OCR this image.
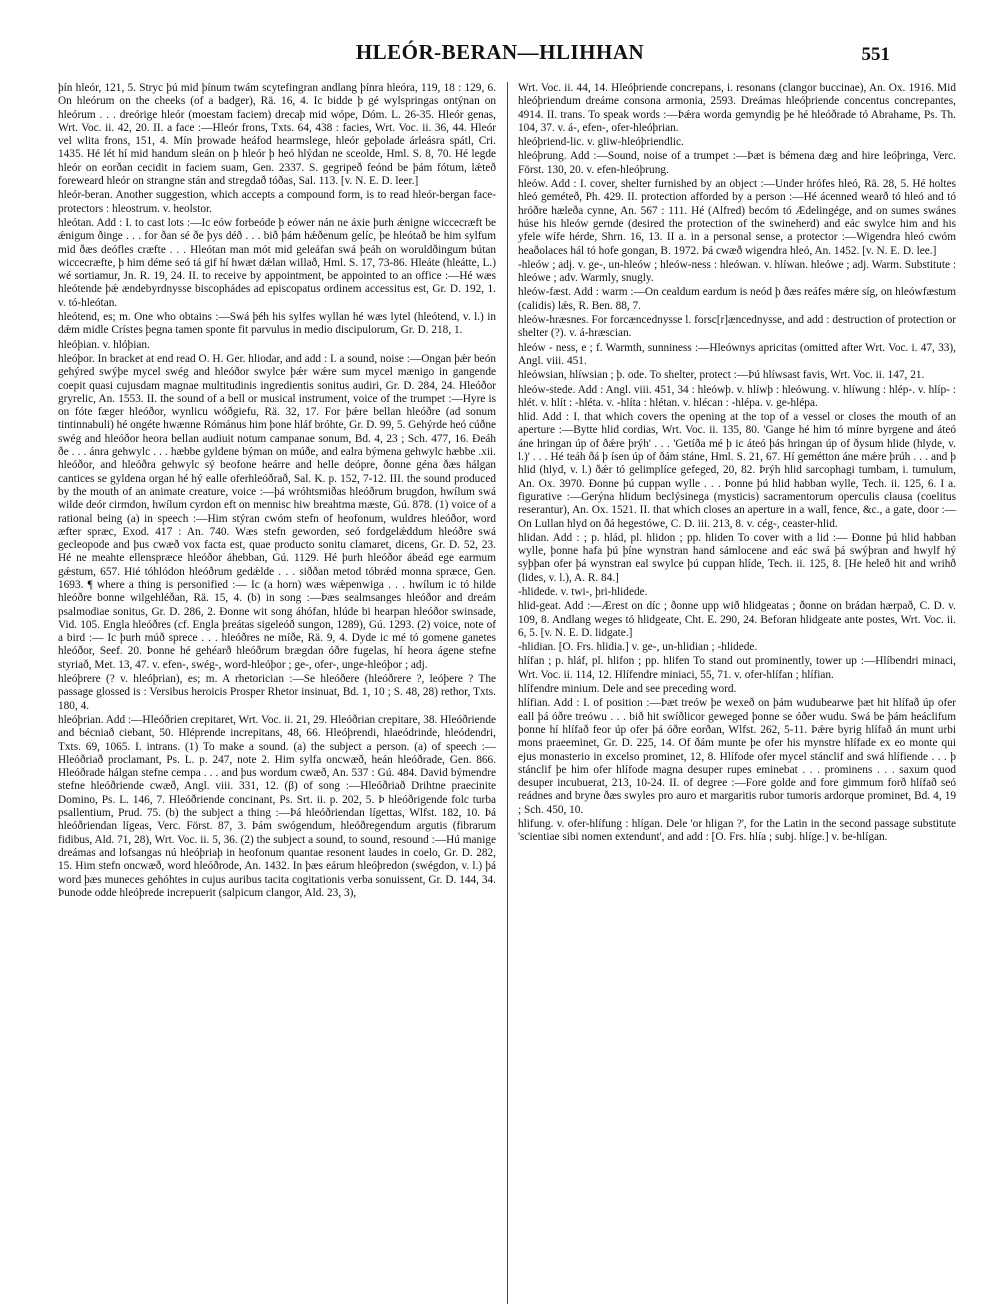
HLEÓR-BERAN—HLIHHAN	551

þín hleór, 121, 5. Stryc þú mid þínum twám scytefingran andlang þínra hleóra, 119, 18 : 129, 6. On hleórum on the cheeks (of a badger), Rä. 16, 4. Ic bidde þ gé wylspringas ontýnan on hleórum . . . dreórige hleór (moestam faciem) drecaþ mid wópe, Dóm. L. 26-35. Hleór genas, Wrt. Voc. ii. 42, 20. II. a face :—Hleór frons, Txts. 64, 438 : facies, Wrt. Voc. ii. 36, 44. Hleór vel wlita frons, 151, 4. Mín þrowade heáfod hearmslege, hleór geþolade árleásra spátl, Cri. 1435. Hé lét hí mid handum sleán on þ hleór þ heó hlýdan ne sceolde, Hml. S. 8, 70. Hé legde hleór on eorðan cecidit in faciem suam, Gen. 2337. S. gegripeð feónd be þám fótum, lǽteð foreweard hleór on strangne stán and stregdað tóðas, Sal. 113. [v. N. E. D. leer.]

hleór-beran. Another suggestion, which accepts a compound form, is to read hleór-bergan face-protectors : hleostrum. v. heolstor.

hleótan. Add : I. to cast lots :—Ic eów forbeóde þ eówer nán ne áxie þurh ǽnigne wiccecræft be ǽnigum ðinge . . . for ðan sé ðe þys déð . . . bið þám hǽðenum gelíc, þe hleótað be him sylfum mid ðæs deófles cræfte . . . Hleótan man mót mid geleáfan swá þeáh on woruldðingum bútan wiccecræfte, þ him déme seó tá gif hí hwæt dǽlan willað, Hml. S. 17, 73-86. Hleáte (hleátte, L.) wé sortiamur, Jn. R. 19, 24. II. to receive by appointment, be appointed to an office :—Hé wæs hleótende þǽ ændebyrdnysse biscophádes ad episcopatus ordinem accessitus est, Gr. D. 192, 1. v. tó-hleótan.

hleótend, es; m. One who obtains :—Swá þéh his sylfes wyllan hé wæs lytel (hleótend, v. l.) in dǽm midle Crístes þegna tamen sponte fit parvulus in medio discipulorum, Gr. D. 218, 1.

hleóþian. v. hlóþian.

hleóþor. In bracket at end read O. H. Ger. hliodar, and add : I. a sound, noise :—Ongan þǽr beón gehýred swýþe mycel swég and hleóðor swylce þǽr wǽre sum mycel mænigo in gangende coepit quasi cujusdam magnae multitudinis ingredientis sonitus audiri, Gr. D. 284, 24. Hleóðor gryrelic, An. 1553. II. the sound of a bell or musical instrument, voice of the trumpet :—Hyre is on fóte fæger hleóðor, wynlicu wóðgiefu, Rä. 32, 17. For þǽre bellan hleóðre (ad sonum tintinnabuli) hé ongéte hwænne Rómánus him þone hláf bróhte, Gr. D. 99, 5. Gehýrde heó cúðne swég and hleóðor heora bellan audiuit notum campanae sonum, Bd. 4, 23 ; Sch. 477, 16. Ðeáh ðe . . . ánra gehwylc . . . hæbbe gyldene býman on múðe, and ealra býmena gehwylc hæbbe .xii. hleóðor, and hleóðra gehwylc sý beofone heárre and helle deópre, ðonne géna ðæs hálgan cantices se gyldena organ hé hý ealle oferhleóðrað, Sal. K. p. 152, 7-12. III. the sound produced by the mouth of an animate creature, voice :—þá wróhtsmiðas hleóðrum brugdon, hwílum swá wilde deór cirmdon, hwílum cyrdon eft on mennisc hiw breahtma mæste, Gú. 878. (1) voice of a rational being (a) in speech :—Him stýran cwóm stefn of heofonum, wuldres hleóðor, word æfter spræc, Exod. 417 : An. 740. Wæs stefn geworden, seó fordgelǽddum hleóðre swá gecleopode and þus cwæð vox facta est, quae producto sonitu clamaret, dicens, Gr. D. 52, 23. Hé ne meahte ellenspræce hleóðor áhebban, Gú. 1129. Hé þurh hleóðor ábeád ege earmum gǽstum, 657. Hié tóhlódon hleóðrum gedǽlde . . . siððan metod tóbrǽd monna spræce, Gen. 1693. ¶ where a thing is personified :— Ic (a horn) wæs wǽpenwiga . . . hwílum ic tó hilde hleóðre bonne wilgehléðan, Rä. 15, 4. (b) in song :—Þæs sealmsanges hleóðor and dreám psalmodiae sonitus, Gr. D. 286, 2. Ðonne wit song áhófan, hlúde bi hearpan hleóðor swinsade, Vid. 105. Engla hleóðres (cf. Engla þreátas sigeleóð sungon, 1289), Gú. 1293. (2) voice, note of a bird :— Ic þurh múð sprece . . . hleóðres ne míðe, Rä. 9, 4. Dyde ic mé tó gomene ganetes hleóðor, Seef. 20. Þonne hé gehéarð hleóðrum brægdan óðre fugelas, hí heora ágene stefne styriað, Met. 13, 47. v. efen-, swég-, word-hleóþor ; ge-, ofer-, unge-hleóþor ; adj.

hleóþrere (? v. hleóþrian), es; m. A rhetorician :—Se hleóðere (hleóðrere ?, leóþere ? The passage glossed is : Versibus heroicis Prosper Rhetor insinuat, Bd. 1, 10 ; S. 48, 28) rethor, Txts. 180, 4.

hleóþrian. Add :—Hleóðrien crepitaret, Wrt. Voc. ii. 21, 29. Hleóðrian crepitare, 38. Hleóðriende and bécniað ciebant, 50. Hléprende increpitans, 48, 66. Hleóþrendi, hlaeódrinde, hleódendri, Txts. 69, 1065. I. intrans. (1) To make a sound. (a) the subject a person. (a) of speech :—Hleóðriað proclamant, Ps. L. p. 247, note 2. Him sylfa oncwæð, heán hleóðrade, Gen. 866. Hleóðrade hálgan stefne cempa . . . and þus wordum cwæð, An. 537 : Gú. 484. David býmendre stefne hleóðriende cwæð, Angl. viii. 331, 12. (β) of song :—Hleóðriað Drihtne praecinite Domino, Ps. L. 146, 7. Hleóðriende concinant, Ps. Srt. ii. p. 202, 5. Þ hleóðrigende folc turba psallentium, Prud. 75. (b) the subject a thing :—Þá hleóðriendan lígettas, Wlfst. 182, 10. Þá hleóðriendan lígeas, Verc. Först. 87, 3. Þám swógendum, hleóðregendum argutis (fibrarum fidibus, Ald. 71, 28), Wrt. Voc. ii. 5, 36. (2) the subject a sound, to sound, resound :—Hú manige dreámas and lofsangas nú hleóþriaþ in heofonum quantae resonent laudes in coelo, Gr. D. 282, 15. Him stefn oncwæð, word hleóðrode, An. 1432. In þæs eárum hleóþredon (swégdon, v. l.) þá word þæs muneces gehóhtes in cujus auribus tacita cogitationis verba sonuissent, Gr. D. 144, 34. Þunode odde hleóþrede increpuerit (salpicum clangor, Ald. 23, 3),

Wrt. Voc. ii. 44, 14. Hleóþriende concrepans, i. resonans (clangor buccinae), An. Ox. 1916. Mid hleóþriendum dreáme consona armonia, 2593. Dreámas hleóþriende concentus concrepantes, 4914. II. trans. To speak words :—Þǽra worda gemyndig þe hé hleóðrade tó Abrahame, Ps. Th. 104, 37. v. á-, efen-, ofer-hleóþrian.

hleóþriend-lic. v. gliw-hleóþriendlic.

hleóþrung. Add :—Sound, noise of a trumpet :—Þæt is bémena dæg and hire leóþringa, Verc. Först. 130, 20. v. efen-hleóþrung.

hleów. Add : I. cover, shelter furnished by an object :—Under hrófes hleó, Rä. 28, 5. Hé holtes hleó gemétеð, Ph. 429. II. protection afforded by a person :—Hé ácenned wearð tó hleó and tó hróðre hæleða cynne, An. 567 : 111. Hé (Alfred) becóm tó Ædelingége, and on sumes swánes húse his hleów gernde (desired the protection of the swineherd) and eác swylce him and his yfele wífe hérde, Shrn. 16, 13. II a. in a personal sense, a protector :—Wigendra hleó cwóm heaðolaces hál tó hofe gongan, B. 1972. Þá cwæð wigendra hleó, An. 1452. [v. N. E. D. lee.]

-hleów ; adj. v. ge-, un-hleów ; hleów-ness : hleówan. v. hlíwan. hleówe ; adj. Warm. Substitute : hleówe ; adv. Warmly, snugly.

hleów-fæst. Add : warm :—On cealdum eardum is neód þ ðæs reáfes mǽre síg, on hleówfæstum (calidis) lǽs, R. Ben. 88, 7.

hleów-hræsnes. For forcæncednysse l. forsc[r]æncednysse, and add : destruction of protection or shelter (?). v. á-hræscian.

hleów - ness, e ; f. Warmth, sunniness :—Hleównys apricitas (omitted after Wrt. Voc. i. 47, 33), Angl. viii. 451.

hleówsian, hlíwsian ; þ. ode. To shelter, protect :—Þú hlíwsast favis, Wrt. Voc. ii. 147, 21.

hleów-stede. Add : Angl. viii. 451, 34 : hleówþ. v. hlíwþ : hleówung. v. hlíwung : hlép-. v. hlíp- : hlét. v. hlít : -hléta. v. -hlíta : hlétan. v. hlécan : -hlépa. v. ge-hlépa.

hlid. Add : I. that which covers the opening at the top of a vessel or closes the mouth of an aperture :—Bytte hlid cordias, Wrt. Voc. ii. 135, 80. 'Gange hé him tó mínre byrgene and áteó áne hringan úp of ðǽre þrýh' . . . 'Getíða mé þ ic áteó þás hringan úp of ðysum hlide (hlyde, v. l.)' . . . Hé teáh ðá þ ísen úp of ðám stáne, Hml. S. 21, 67. Hí gemétton áne mǽre þrúh . . . and þ hlid (hlyd, v. l.) ðǽr tó gelimplíce gefeged, 20, 82. Þrýh hlid sarcophagi tumbam, i. tumulum, An. Ox. 3970. Ðonne þú cuppan wylle . . . Þonne þú hlid habban wylle, Tech. ii. 125, 6. I a. figurative :—Gerýna hlidum beclýsinega (mysticis) sacramentorum operculis clausa (coelitus reserantur), An. Ox. 1521. II. that which closes an aperture in a wall, fence, &c., a gate, door :—On Lullan hlyd on ðá hegestówe, C. D. iii. 213, 8. v. cég-, ceaster-hlid.

hlidan. Add : ; p. hlád, pl. hlidon ; pp. hliden To cover with a lid :— Ðonne þú hlid habban wylle, þonne hafa þú þíne wynstran hand sámlocene and eác swá þá swýþran and hwylf hý syþþan ofer þá wynstran eal swylce þú cuppan hlíde, Tech. ii. 125, 8. [He heleð hit and wrihð (lides, v. l.), A. R. 84.]

-hlidede. v. twi-, þri-hlidede.

hlid-geat. Add :—Ærest on díc ; ðonne upp wið hlidgeatas ; ðonne on brádan hærpað, C. D. v. 109, 8. Andlang weges tó hlidgeate, Cht. E. 290, 24. Beforan hlidgeate ante postes, Wrt. Voc. ii. 6, 5. [v. N. E. D. lidgate.]

-hlidian. [O. Frs. hlidia.] v. ge-, un-hlidian ; -hlidede.

hlífan ; p. hláf, pl. hlifon ; pp. hlifen To stand out prominently, tower up :—Hlíbendri minaci, Wrt. Voc. ii. 114, 12. Hlífendre miniaci, 55, 71. v. ofer-hlífan ; hlífian.

hlífendre minium. Dele and see preceding word.

hlífian. Add : I. of position :—Þæt treów þe wexeð on þám wudubearwe þæt hit hlífað úp ofer eall þá óðre treówu . . . bið hit swíðlicor geweged þonne se óðer wudu. Swá be þám heáclifum þonne hí hlífað feor úp ofer þá óðre eorðan, Wlfst. 262, 5-11. Þǽre byrig hlífað án munt urbi mons praeeminet, Gr. D. 225, 14. Of ðám munte þe ofer his mynstre hlífade ex eo monte qui ejus monasterio in excelso prominet, 12, 8. Hlífode ofer mycel stánclif and swá hlífiende . . . þ stánclif þe him ofer hlífode magna desuper rupes eminebat . . . prominens . . . saxum quod desuper incubuerat, 213, 10-24. II. of degree :—Fore golde and fore gimmum forð hlífað seó reádnes and bryne ðæs swyles pro auro et margaritis rubor tumoris ardorque prominet, Bd. 4, 19 ; Sch. 450, 10.

hlifung. v. ofer-hlífung : hlígan. Dele 'or hligan ?', for the Latin in the second passage substitute 'scientiae sibi nomen extendunt', and add : [O. Frs. hlía ; subj. hlíge.] v. be-hlígan.
